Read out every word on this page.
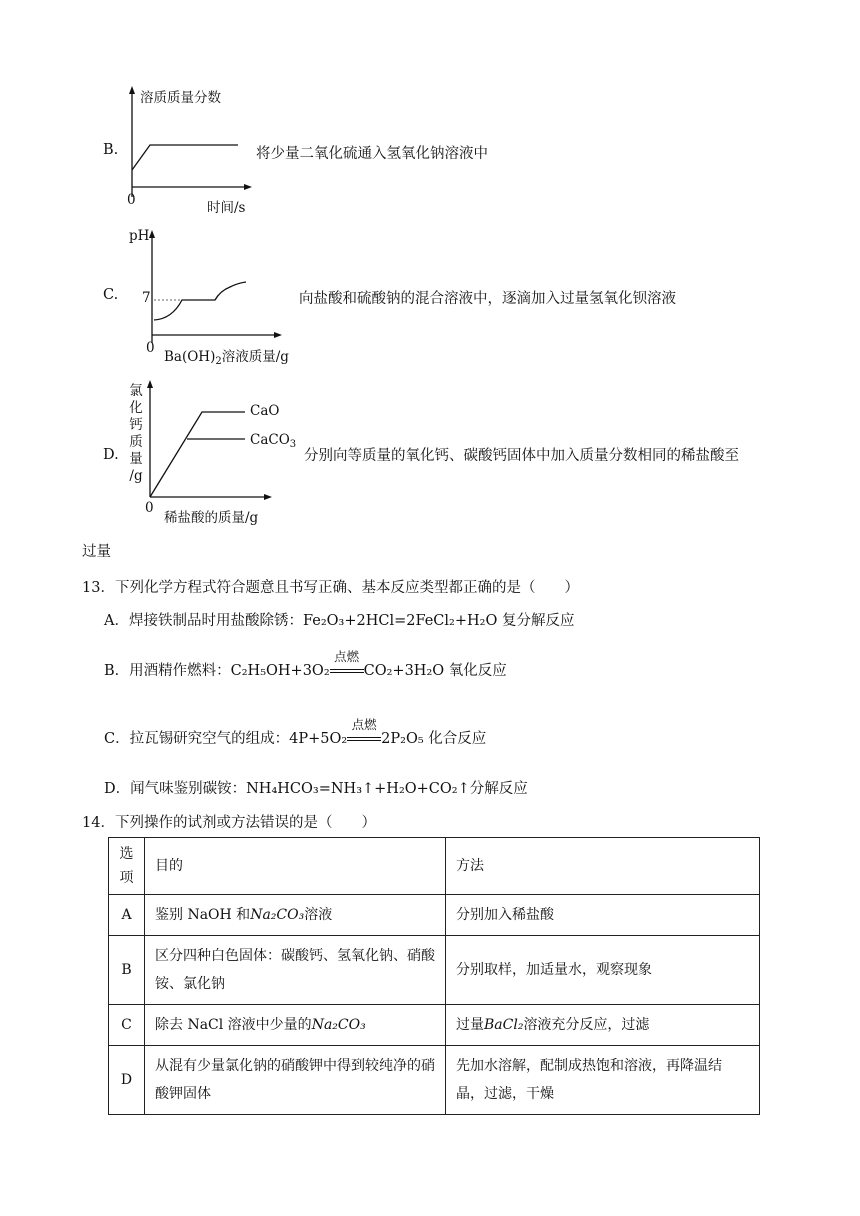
B.
溶质质量分数
0	时间/s
将少量二氧化硫通入氢氧化钠溶液中
C.
pH
7
0
$Ba(OH)_2$溶液质量/g
向盐酸和硫酸钠的混合溶液中，逐滴加入过量氢氧化钡溶液
D.
氯
化
钙
质
量
/g
CaO
CaCO$_3$
0
稀盐酸的质量/g
分别向等质量的氧化钙、碳酸钙固体中加入质量分数相同的稀盐酸至
过量
13．下列化学方程式符合题意且书写正确、基本反应类型都正确的是（　　）
A．焊接铁制品时用盐酸除锈：Fe₂O₃+2HCl=2FeCl₂+H₂O 复分解反应
B．用酒精作燃料：C₂H₅OH+3O₂
点燃
CO₂+3H₂O 氧化反应
C．拉瓦锡研究空气的组成：4P+5O₂
点燃
2P₂O₅ 化合反应
D．闻气味鉴别碳铵：NH₄HCO₃=NH₃↑+H₂O+CO₂↑分解反应
14．下列操作的试剂或方法错误的是（　　）
选
项	目的	方法
A	鉴别 NaOH 和Na₂CO₃溶液	分别加入稀盐酸
B	区分四种白色固体：碳酸钙、氢氧化钠、硝酸铵、氯化钠	分别取样，加适量水，观察现象
C	除去 NaCl 溶液中少量的Na₂CO₃	过量BaCl₂溶液充分反应，过滤
D	从混有少量氯化钠的硝酸钾中得到较纯净的硝酸钾固体	先加水溶解，配制成热饱和溶液，再降温结晶，过滤，干燥
